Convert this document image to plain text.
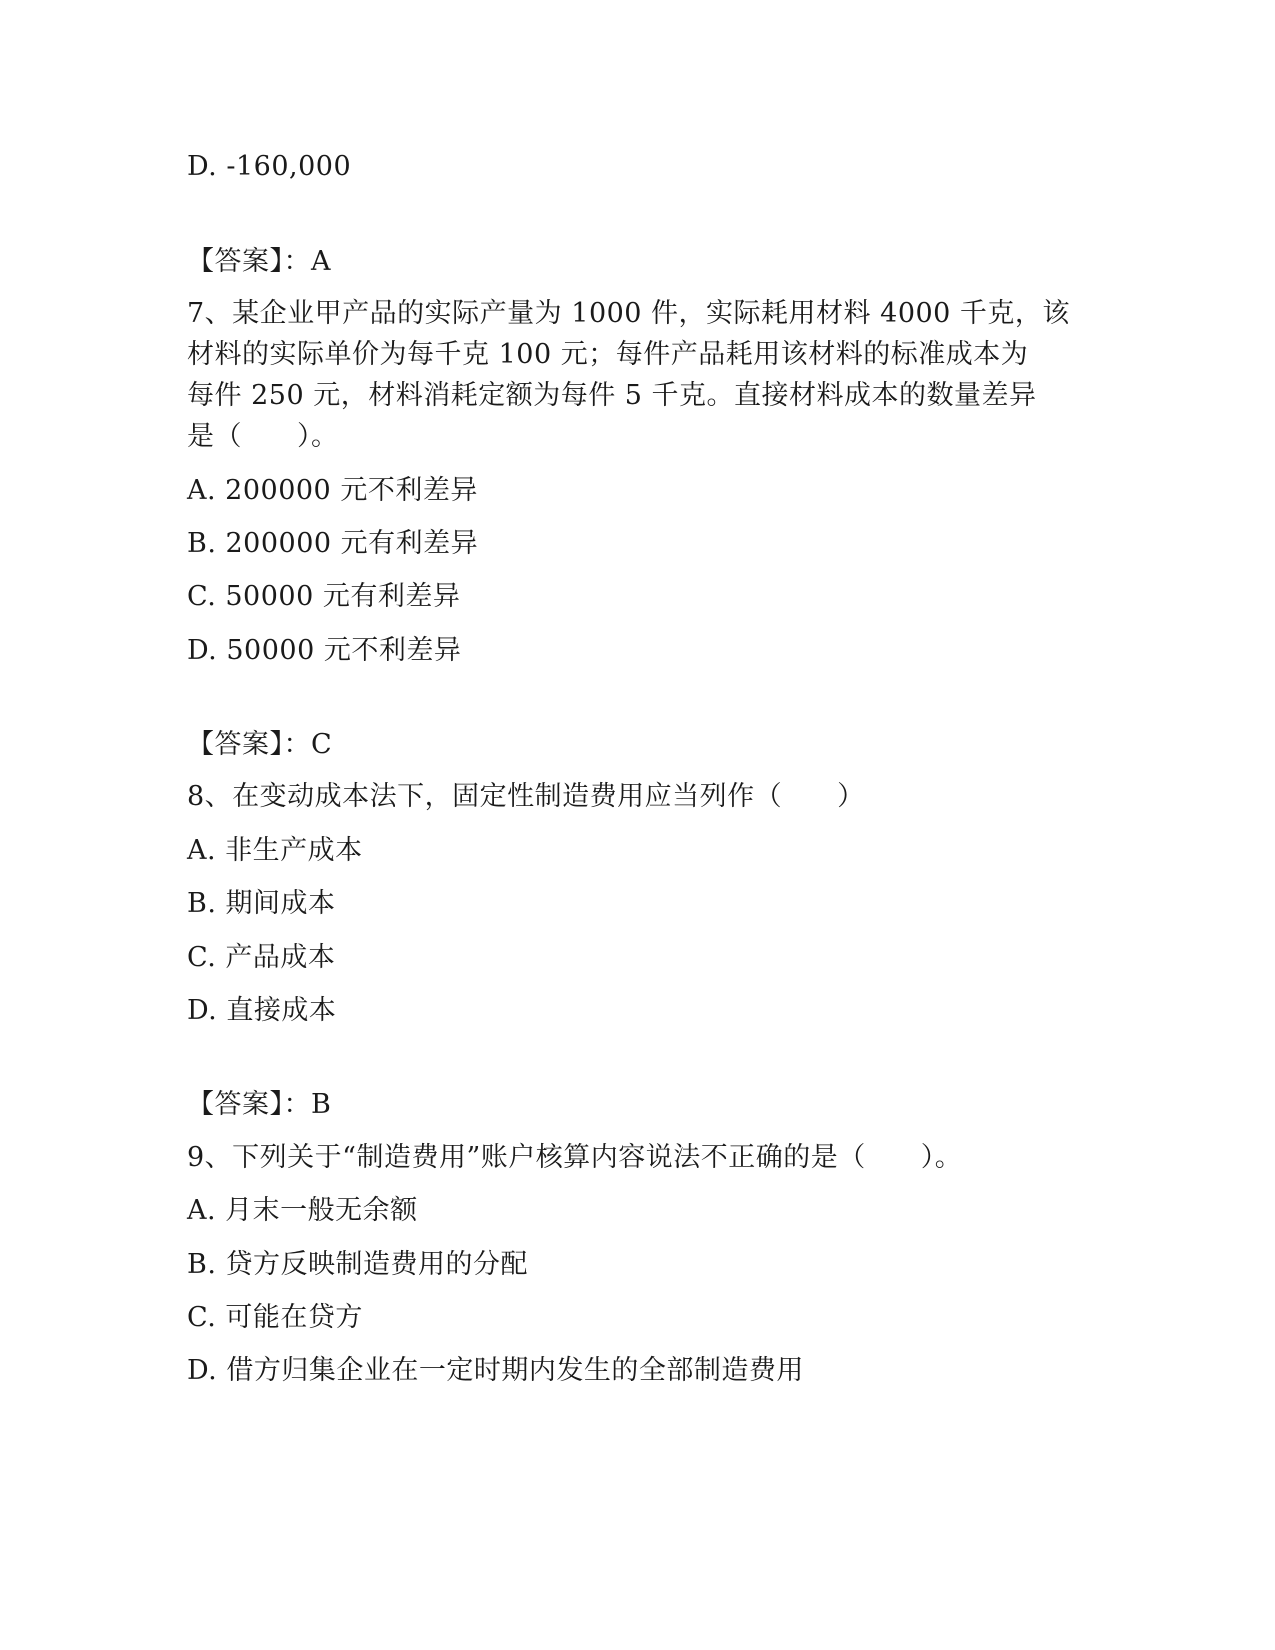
D. -160,000
【答案】：A
7、某企业甲产品的实际产量为 1000 件，实际耗用材料 4000 千克，该
材料的实际单价为每千克 100 元；每件产品耗用该材料的标准成本为
每件 250 元，材料消耗定额为每件 5 千克。直接材料成本的数量差异
是（　　）。
A. 200000 元不利差异
B. 200000 元有利差异
C. 50000 元有利差异
D. 50000 元不利差异
【答案】：C
8、在变动成本法下，固定性制造费用应当列作（　　）
A. 非生产成本
B. 期间成本
C. 产品成本
D. 直接成本
【答案】：B
9、下列关于“制造费用”账户核算内容说法不正确的是（　　）。
A. 月末一般无余额
B. 贷方反映制造费用的分配
C. 可能在贷方
D. 借方归集企业在一定时期内发生的全部制造费用
